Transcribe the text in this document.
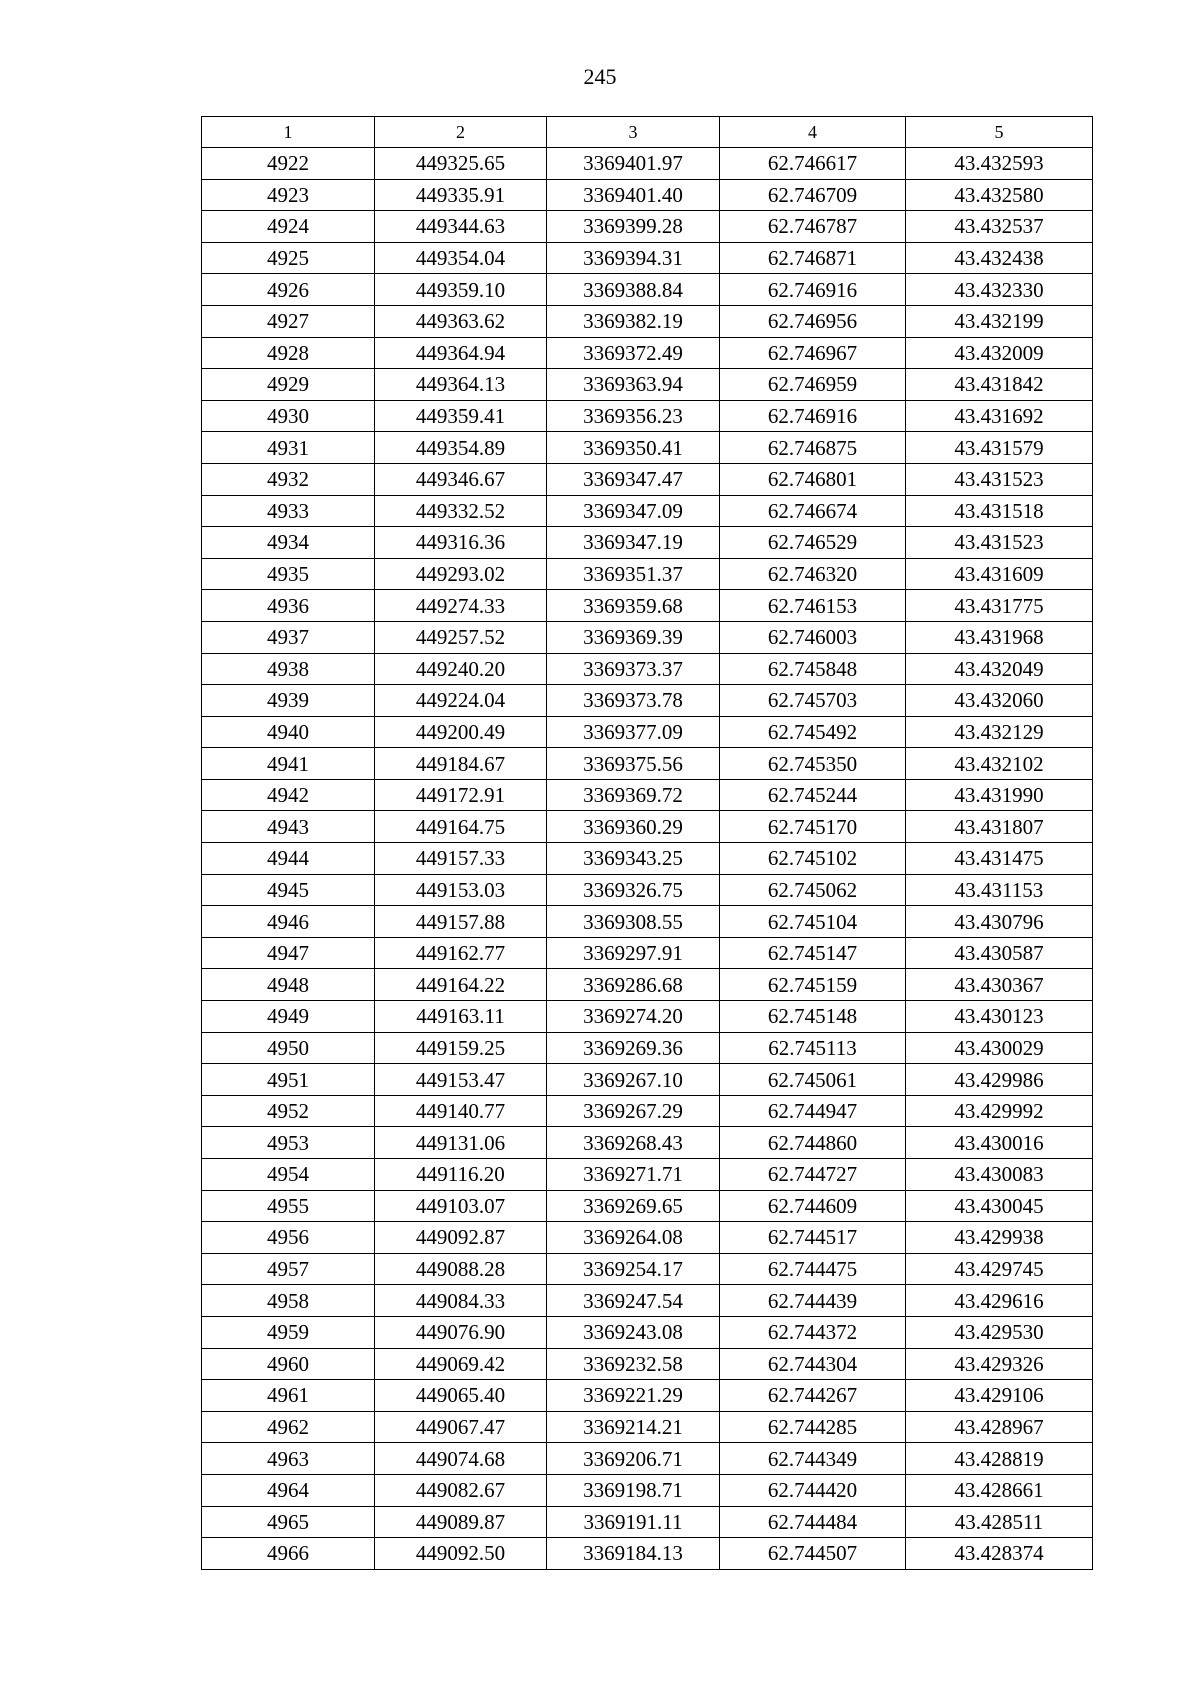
245
1	2	3	4	5
4922	449325.65	3369401.97	62.746617	43.432593
4923	449335.91	3369401.40	62.746709	43.432580
4924	449344.63	3369399.28	62.746787	43.432537
4925	449354.04	3369394.31	62.746871	43.432438
4926	449359.10	3369388.84	62.746916	43.432330
4927	449363.62	3369382.19	62.746956	43.432199
4928	449364.94	3369372.49	62.746967	43.432009
4929	449364.13	3369363.94	62.746959	43.431842
4930	449359.41	3369356.23	62.746916	43.431692
4931	449354.89	3369350.41	62.746875	43.431579
4932	449346.67	3369347.47	62.746801	43.431523
4933	449332.52	3369347.09	62.746674	43.431518
4934	449316.36	3369347.19	62.746529	43.431523
4935	449293.02	3369351.37	62.746320	43.431609
4936	449274.33	3369359.68	62.746153	43.431775
4937	449257.52	3369369.39	62.746003	43.431968
4938	449240.20	3369373.37	62.745848	43.432049
4939	449224.04	3369373.78	62.745703	43.432060
4940	449200.49	3369377.09	62.745492	43.432129
4941	449184.67	3369375.56	62.745350	43.432102
4942	449172.91	3369369.72	62.745244	43.431990
4943	449164.75	3369360.29	62.745170	43.431807
4944	449157.33	3369343.25	62.745102	43.431475
4945	449153.03	3369326.75	62.745062	43.431153
4946	449157.88	3369308.55	62.745104	43.430796
4947	449162.77	3369297.91	62.745147	43.430587
4948	449164.22	3369286.68	62.745159	43.430367
4949	449163.11	3369274.20	62.745148	43.430123
4950	449159.25	3369269.36	62.745113	43.430029
4951	449153.47	3369267.10	62.745061	43.429986
4952	449140.77	3369267.29	62.744947	43.429992
4953	449131.06	3369268.43	62.744860	43.430016
4954	449116.20	3369271.71	62.744727	43.430083
4955	449103.07	3369269.65	62.744609	43.430045
4956	449092.87	3369264.08	62.744517	43.429938
4957	449088.28	3369254.17	62.744475	43.429745
4958	449084.33	3369247.54	62.744439	43.429616
4959	449076.90	3369243.08	62.744372	43.429530
4960	449069.42	3369232.58	62.744304	43.429326
4961	449065.40	3369221.29	62.744267	43.429106
4962	449067.47	3369214.21	62.744285	43.428967
4963	449074.68	3369206.71	62.744349	43.428819
4964	449082.67	3369198.71	62.744420	43.428661
4965	449089.87	3369191.11	62.744484	43.428511
4966	449092.50	3369184.13	62.744507	43.428374
